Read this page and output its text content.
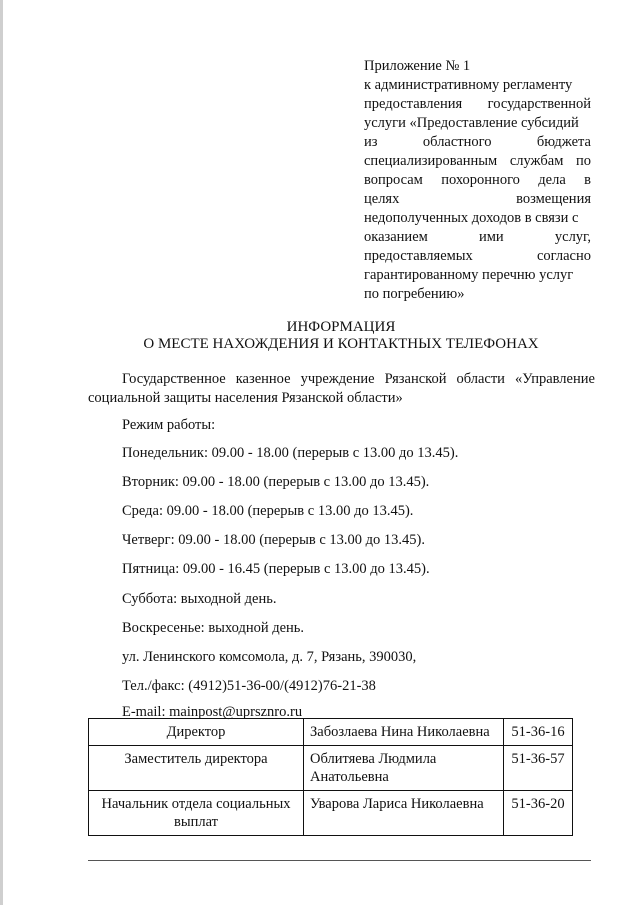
Приложение № 1
к административному регламенту
предоставления государственной
услуги «Предоставление субсидий
из	областного	бюджета
специализированным службам по
вопросам похоронного дела в
целях	возмещения
недополученных доходов в связи с
оказанием	ими	услуг,
предоставляемых	согласно
гарантированному перечню услуг
по погребению»
ИНФОРМАЦИЯ
О МЕСТЕ НАХОЖДЕНИЯ И КОНТАКТНЫХ ТЕЛЕФОНАХ
Государственное казенное учреждение Рязанской области «Управление
социальной защиты населения Рязанской области»
Режим работы:
Понедельник: 09.00 - 18.00 (перерыв с 13.00 до 13.45).
Вторник: 09.00 - 18.00 (перерыв с 13.00 до 13.45).
Среда: 09.00 - 18.00 (перерыв с 13.00 до 13.45).
Четверг: 09.00 - 18.00 (перерыв с 13.00 до 13.45).
Пятница: 09.00 - 16.45 (перерыв с 13.00 до 13.45).
Суббота: выходной день.
Воскресенье: выходной день.
ул. Ленинского комсомола, д. 7, Рязань, 390030,
Тел./факс: (4912)51-36-00/(4912)76-21-38
E-mail: mainpost@uprsznro.ru
Директор	Забозлаева Нина Николаевна	51-36-16
Заместитель директора	Облитяева Людмила Анатольевна	51-36-57
Начальник отдела социальных выплат	Уварова Лариса Николаевна	51-36-20
